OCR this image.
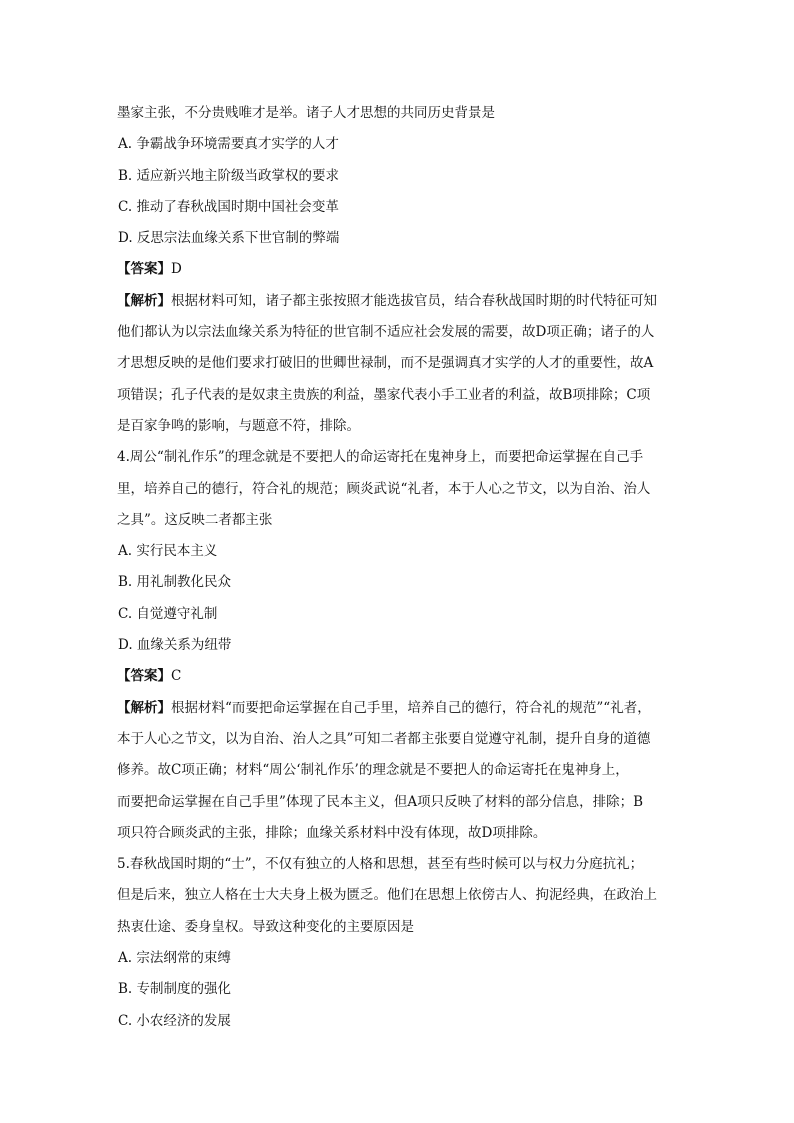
墨家主张，不分贵贱唯才是举。诸子人才思想的共同历史背景是
A. 争霸战争环境需要真才实学的人才
B. 适应新兴地主阶级当政掌权的要求
C. 推动了春秋战国时期中国社会变革
D. 反思宗法血缘关系下世官制的弊端
【答案】D
【解析】根据材料可知，诸子都主张按照才能选拔官员，结合春秋战国时期的时代特征可知
他们都认为以宗法血缘关系为特征的世官制不适应社会发展的需要，故D项正确；诸子的人
才思想反映的是他们要求打破旧的世卿世禄制，而不是强调真才实学的人才的重要性，故A
项错误；孔子代表的是奴隶主贵族的利益，墨家代表小手工业者的利益，故B项排除；C项
是百家争鸣的影响，与题意不符，排除。
4.周公“制礼作乐”的理念就是不要把人的命运寄托在鬼神身上，而要把命运掌握在自己手
里，培养自己的德行，符合礼的规范；顾炎武说“礼者，本于人心之节文，以为自治、治人
之具”。这反映二者都主张
A. 实行民本主义
B. 用礼制教化民众
C. 自觉遵守礼制
D. 血缘关系为纽带
【答案】C
【解析】根据材料“而要把命运掌握在自己手里，培养自己的德行，符合礼的规范”“礼者，
本于人心之节文，以为自治、治人之具”可知二者都主张要自觉遵守礼制，提升自身的道德
修养。故C项正确；材料“周公‘制礼作乐’的理念就是不要把人的命运寄托在鬼神身上，
而要把命运掌握在自己手里”体现了民本主义，但A项只反映了材料的部分信息，排除；B
项只符合顾炎武的主张，排除；血缘关系材料中没有体现，故D项排除。
5.春秋战国时期的“士”，不仅有独立的人格和思想，甚至有些时候可以与权力分庭抗礼；
但是后来，独立人格在士大夫身上极为匮乏。他们在思想上依傍古人、拘泥经典，在政治上
热衷仕途、委身皇权。导致这种变化的主要原因是
A. 宗法纲常的束缚
B. 专制制度的强化
C. 小农经济的发展
